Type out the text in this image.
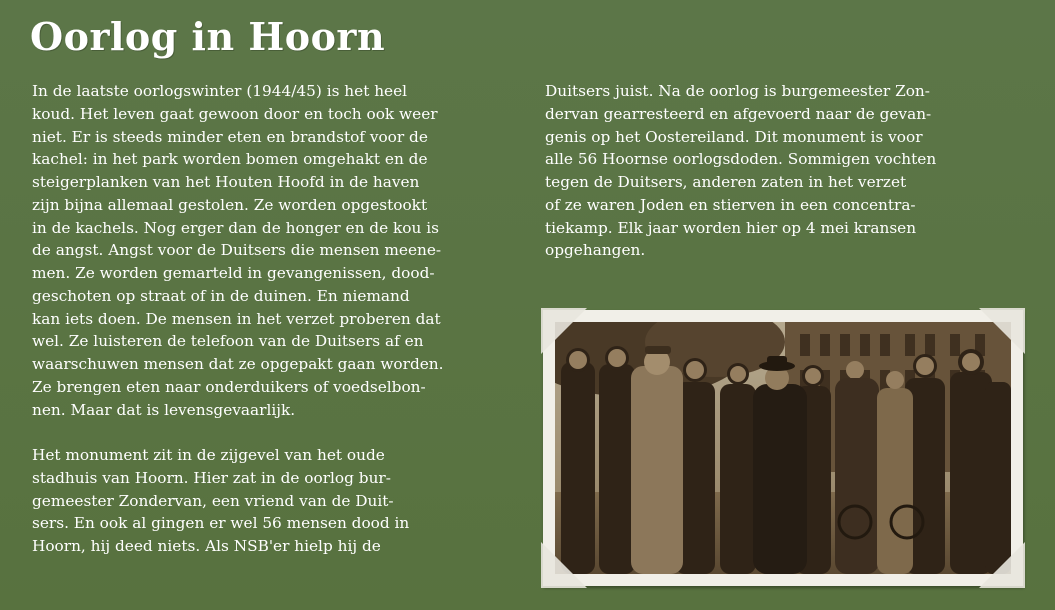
Oorlog in Hoorn
In de laatste oorlogswinter (1944/45) is het heel
koud. Het leven gaat gewoon door en toch ook weer
niet. Er is steeds minder eten en brandstof voor de
kachel: in het park worden bomen omgehakt en de
steigerplanken van het Houten Hoofd in de haven
zijn bijna allemaal gestolen. Ze worden opgestookt
in de kachels. Nog erger dan de honger en de kou is
de angst. Angst voor de Duitsers die mensen meene-
men. Ze worden gemarteld in gevangenissen, dood-
geschoten op straat of in de duinen. En niemand
kan iets doen. De mensen in het verzet proberen dat
wel. Ze luisteren de telefoon van de Duitsers af en
waarschuwen mensen dat ze opgepakt gaan worden.
Ze brengen eten naar onderduikers of voedselbon-
nen. Maar dat is levensgevaarlijk.
Het monument zit in de zijgevel van het oude
stadhuis van Hoorn. Hier zat in de oorlog bur-
gemeester Zondervan, een vriend van de Duit-
sers. En ook al gingen er wel 56 mensen dood in
Hoorn, hij deed niets. Als NSB'er hielp hij de
Duitsers juist. Na de oorlog is burgemeester Zon-
dervan gearresteerd en afgevoerd naar de gevan-
genis op het Oostereiland. Dit monument is voor
alle 56 Hoornse oorlogsdoden. Sommigen vochten
tegen de Duitsers, anderen zaten in het verzet
of ze waren Joden en stierven in een concentra-
tiekamp. Elk jaar worden hier op 4 mei kransen
opgehangen.
